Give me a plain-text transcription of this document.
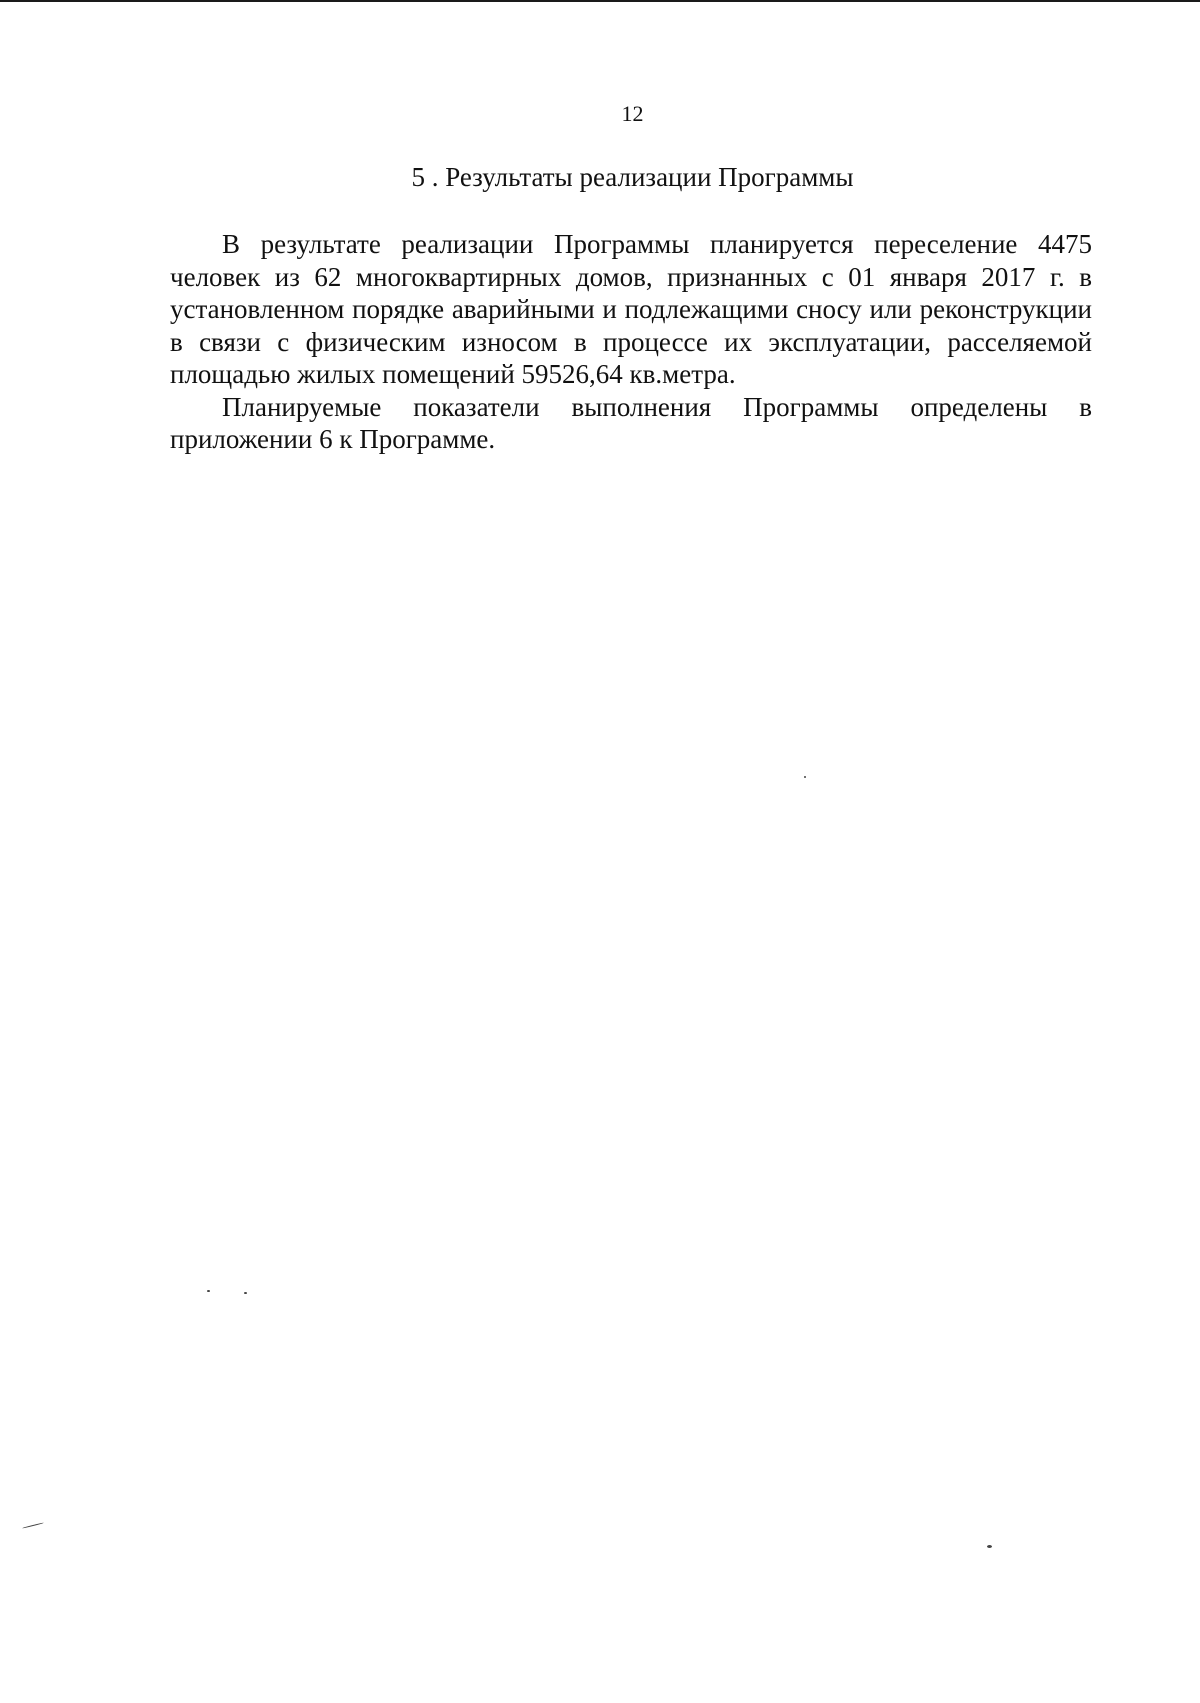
12
5 . Результаты реализации Программы

В результате реализации Программы планируется переселение 4475 человек из 62 многоквартирных домов, признанных с 01 января 2017 г. в установленном порядке аварийными и подлежащими сносу или реконструкции в связи с физическим износом в процессе их эксплуатации, расселяемой площадью жилых помещений 59526,64 кв.метра.

Планируемые показатели выполнения Программы определены в приложении 6 к Программе.
